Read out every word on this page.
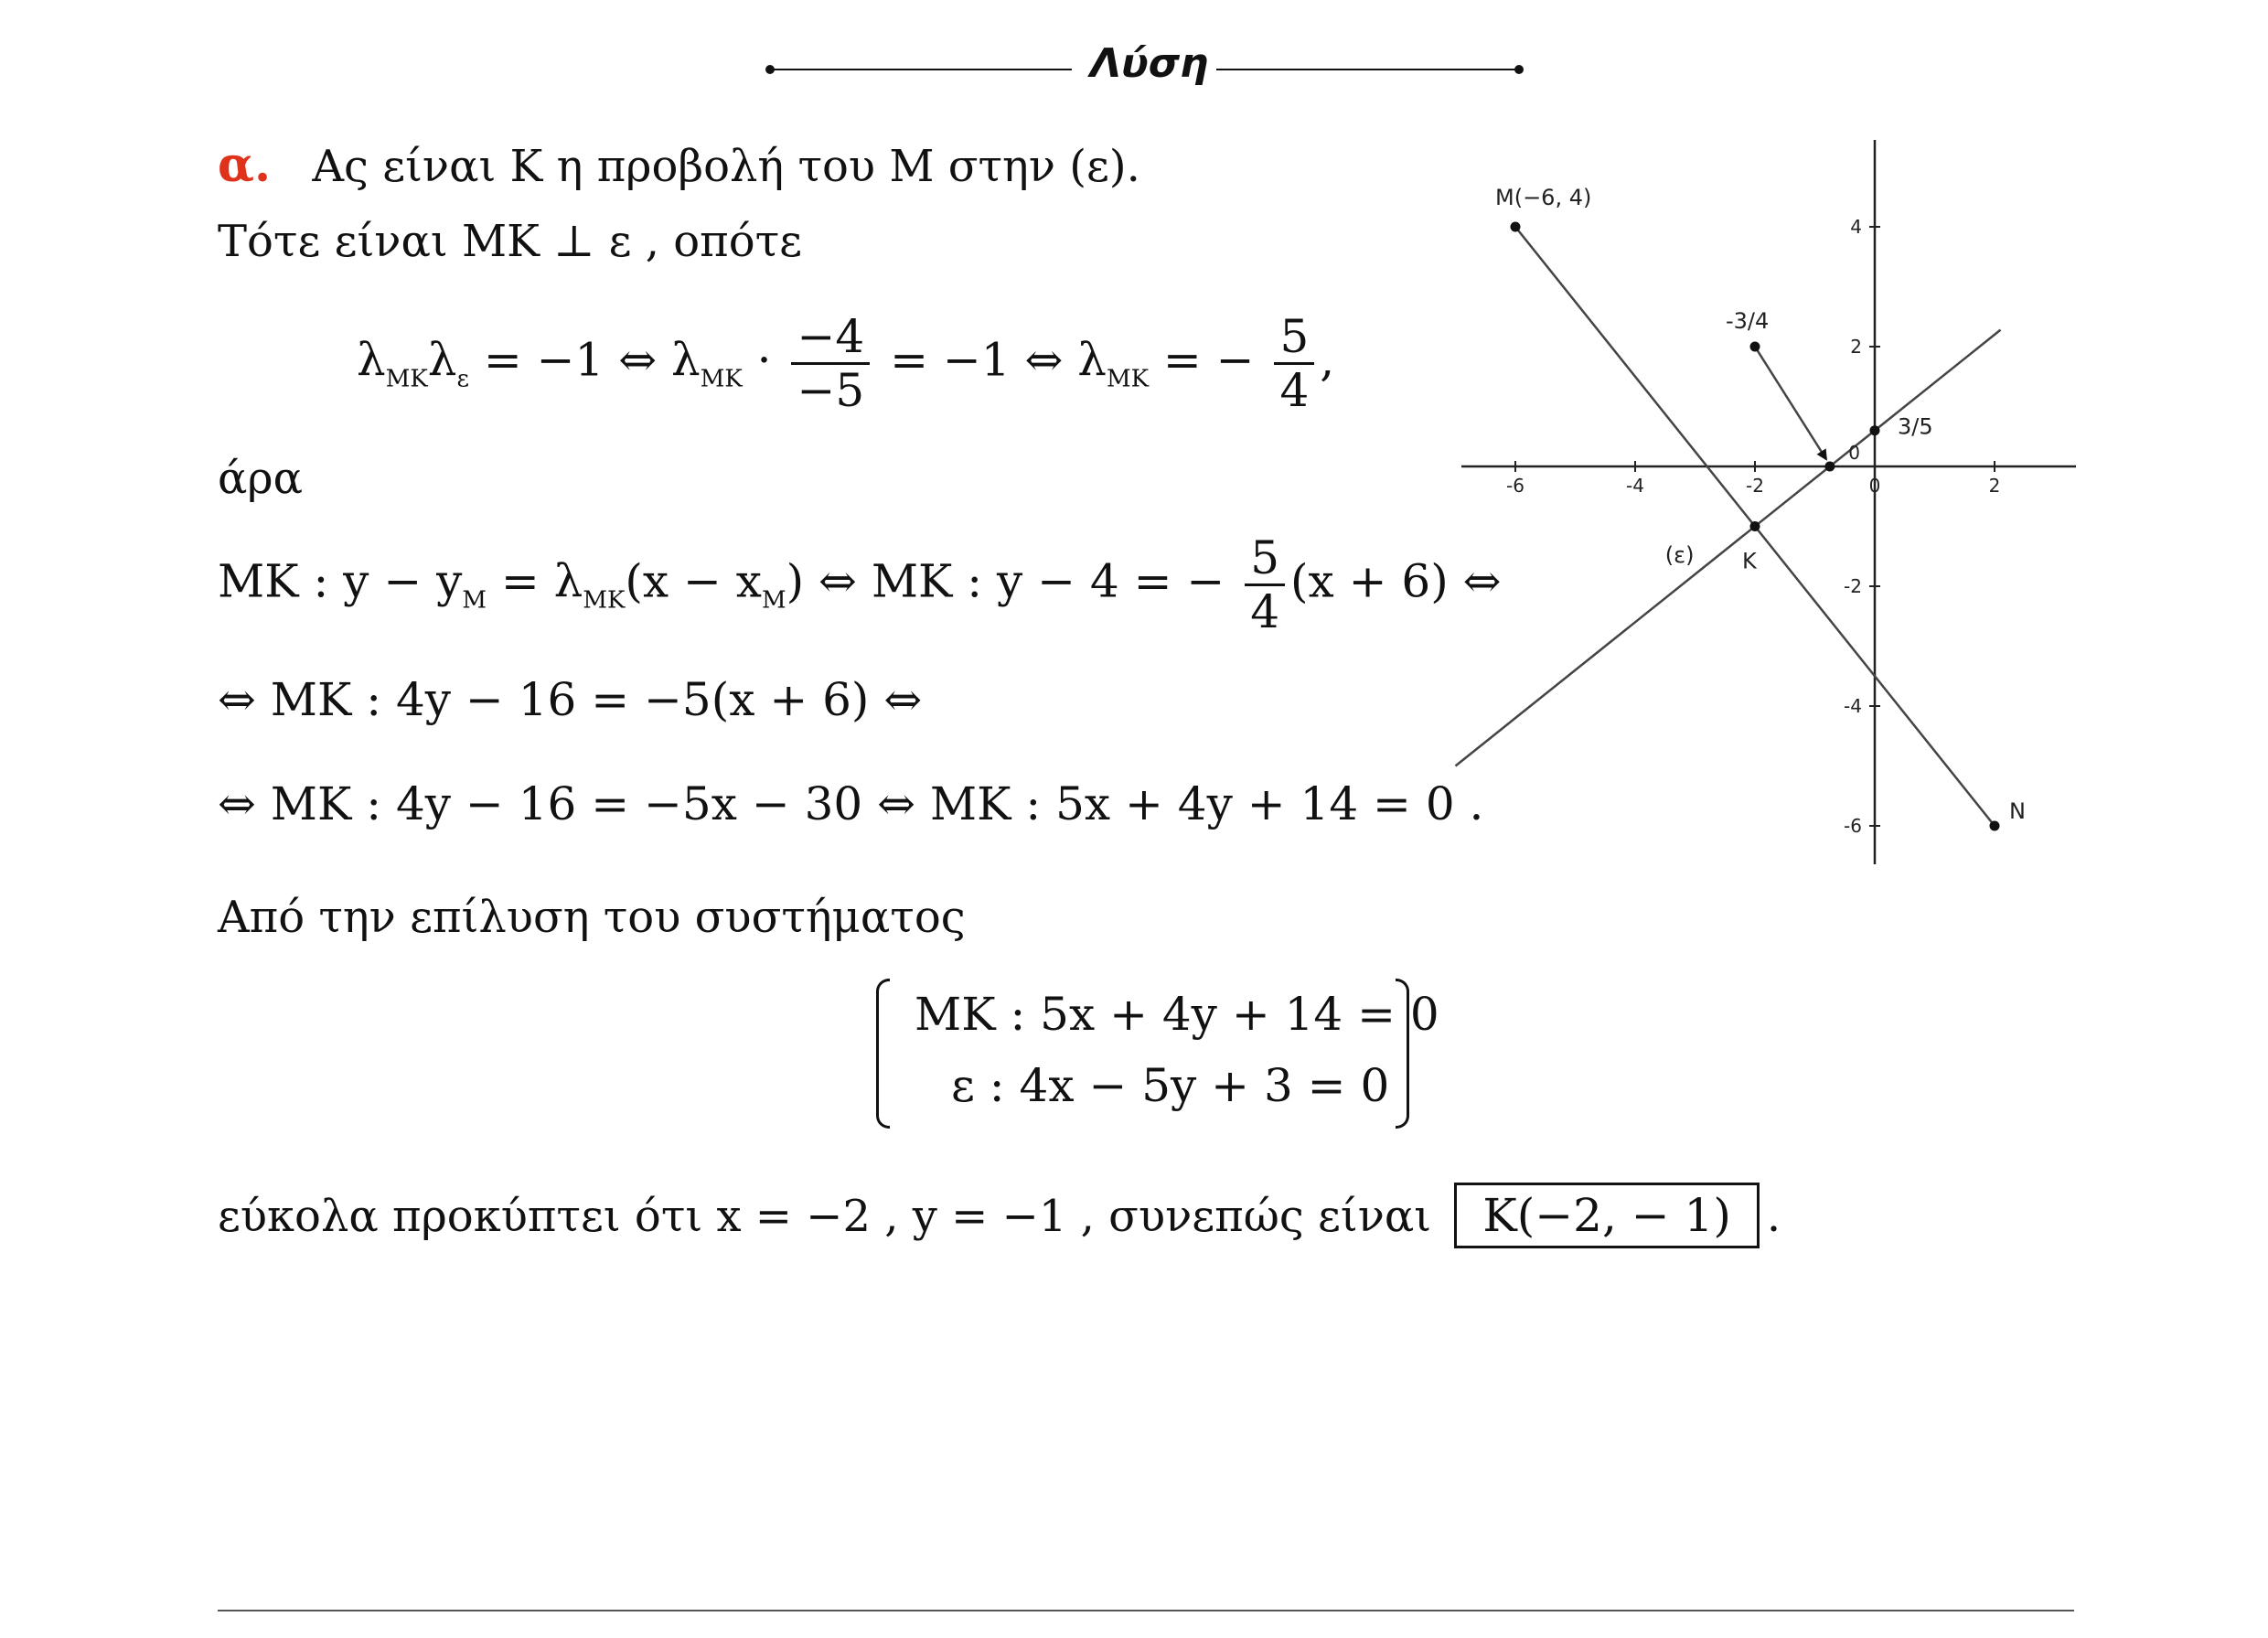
Λύση
α. Ας είναι Κ η προβολή του Μ στην (ε).
Τότε είναι ΜΚ ⊥ ε , οπότε
$\lambda_{MK}\lambda_\varepsilon = -1$ ⇔ $\lambda_{MK} \cdot \frac{-4}{-5} = -1$ ⇔ $\lambda_{MK}$ = − $\frac{5}{4}$ ,
άρα
ΜΚ : $y - y_M = \lambda_{MK}(x - x_M)$ ⇔ ΜΚ : y − 4 = − $\frac{5}{4} (x + 6)$ ⇔
⇔ ΜΚ : 4y − 16 = −5(x + 6) ⇔
⇔ ΜΚ : 4y − 16 = −5x − 30 ⇔ ΜΚ : 5x + 4y + 14 = 0 .
Από την επίλυση του συστήματος
ΜΚ : 5x + 4y + 14 = 0
ε : 4x − 5y + 3 = 0
εύκολα προκύπτει ότι x = −2 , y = −1 , συνεπώς είναι Κ(−2, − 1) .
-6	-4	-2	0	2
4
2
-2
-4
-6
0
M(−6, 4)
-3/4
3/5
(ε) K
N
